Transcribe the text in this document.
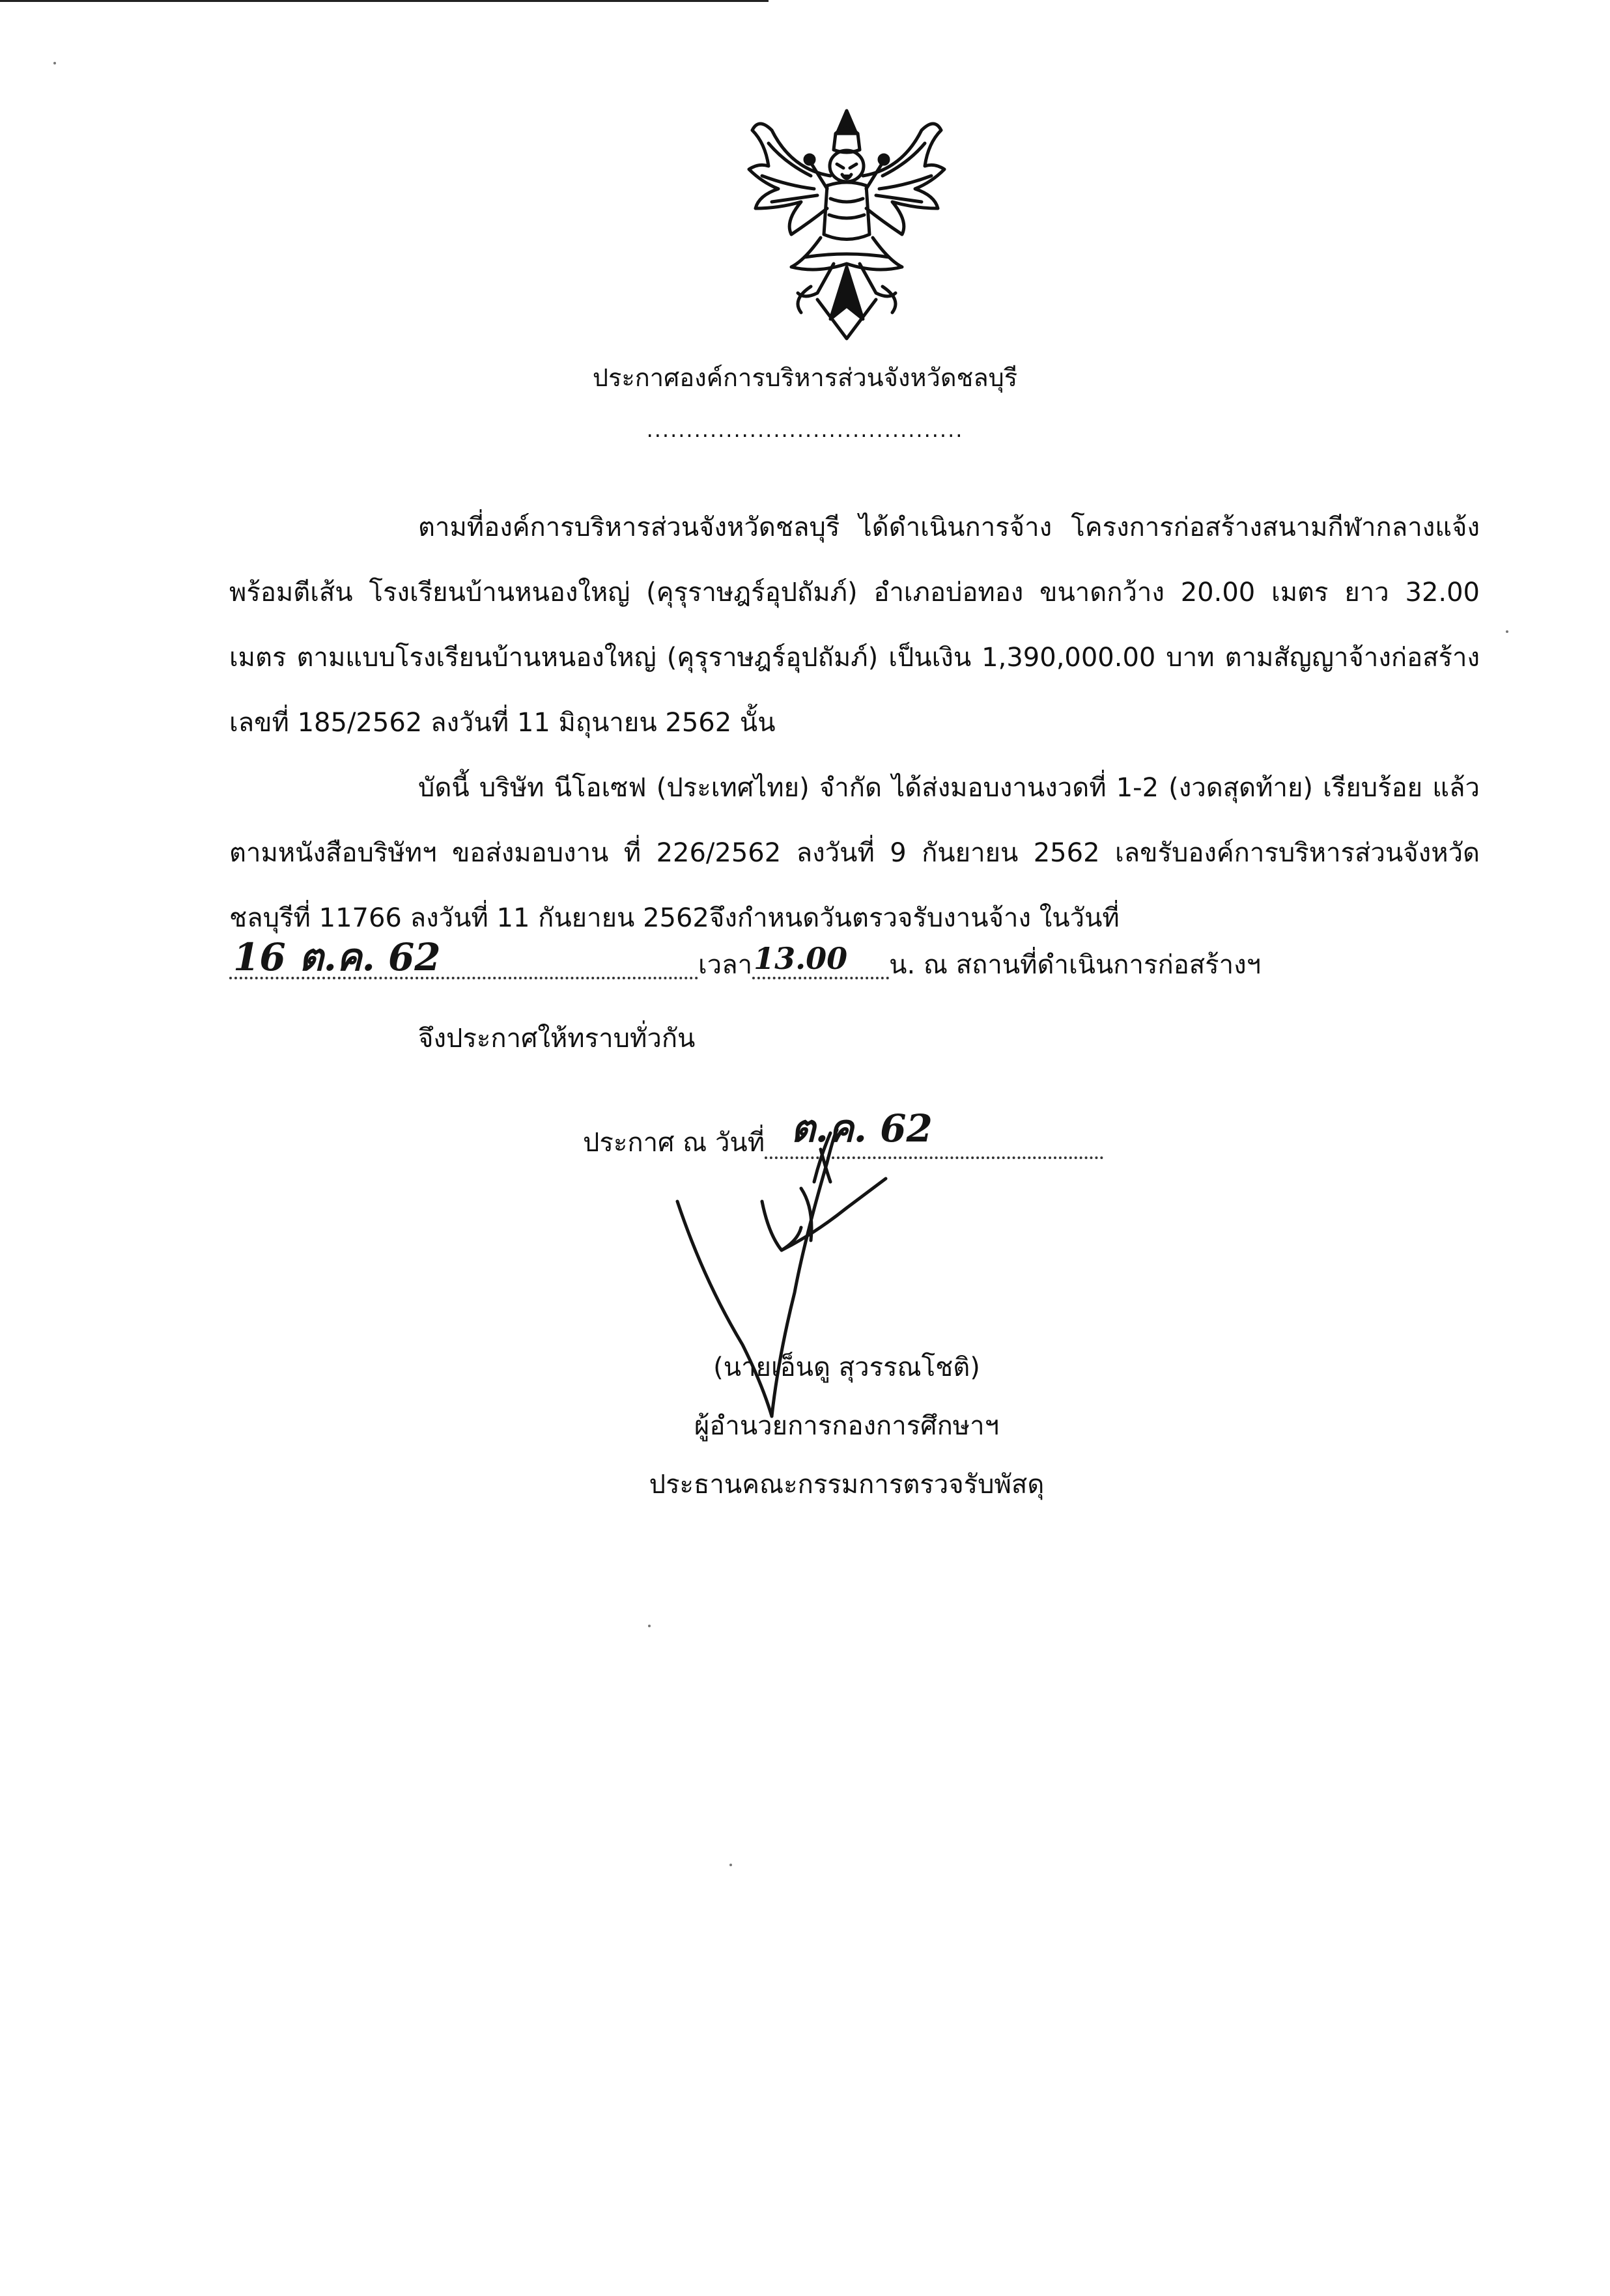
ประกาศองค์การบริหารส่วนจังหวัดชลบุรี
........................................
ตามที่องค์การบริหารส่วนจังหวัดชลบุรี ได้ดำเนินการจ้าง โครงการก่อสร้างสนามกีฬากลางแจ้งพร้อมตีเส้น โรงเรียนบ้านหนองใหญ่ (คุรุราษฎร์อุปถัมภ์) อำเภอบ่อทอง ขนาดกว้าง 20.00 เมตร ยาว 32.00 เมตร ตามแบบโรงเรียนบ้านหนองใหญ่ (คุรุราษฎร์อุปถัมภ์) เป็นเงิน 1,390,000.00 บาท ตามสัญญาจ้างก่อสร้างเลขที่ 185/2562 ลงวันที่ 11 มิถุนายน 2562 นั้น
บัดนี้ บริษัท นีโอเซฟ (ประเทศไทย) จำกัด ได้ส่งมอบงานงวดที่ 1-2 (งวดสุดท้าย) เรียบร้อย แล้ว ตามหนังสือบริษัทฯ ขอส่งมอบงาน ที่ 226/2562 ลงวันที่ 9 กันยายน 2562 เลขรับองค์การบริหารส่วนจังหวัดชลบุรีที่ 11766 ลงวันที่ 11 กันยายน 2562จึงกำหนดวันตรวจรับงานจ้าง ในวันที่
16 ต.ค. 62	เวลา 13.00 น. ณ สถานที่ดำเนินการก่อสร้างฯ
จึงประกาศให้ทราบทั่วกัน
ประกาศ ณ วันที่ ต.ค. 62
(นายเอ็นดู สุวรรณโชติ)
ผู้อำนวยการกองการศึกษาฯ
ประธานคณะกรรมการตรวจรับพัสดุ
